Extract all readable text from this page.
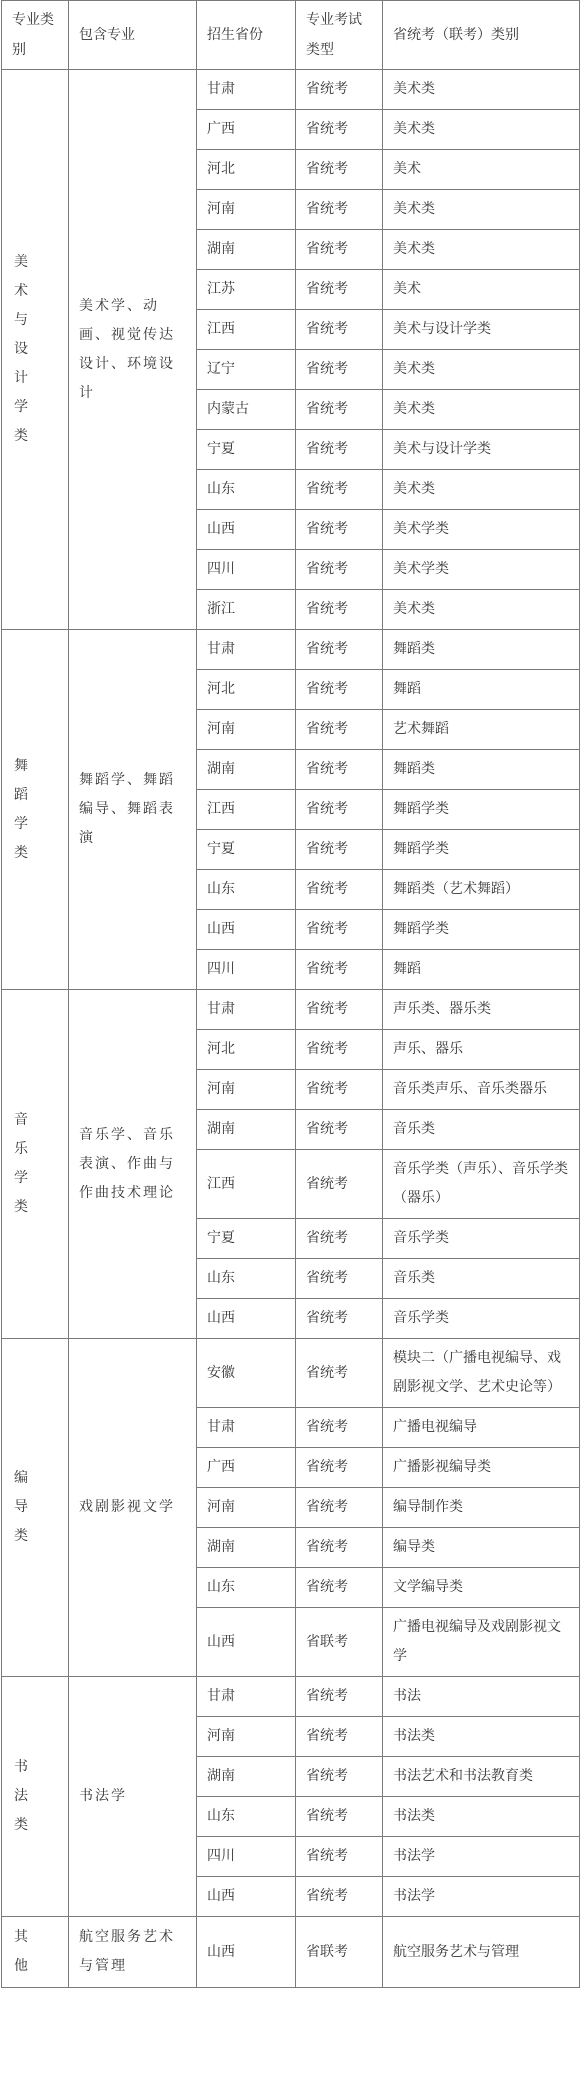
专业类别	包含专业	招生省份	专业考试类型	省统考（联考）类别
美术与设计学类	美术学、动画、视觉传达设计、环境设计	甘肃	省统考	美术类
		广西	省统考	美术类
		河北	省统考	美术
		河南	省统考	美术类
		湖南	省统考	美术类
		江苏	省统考	美术
		江西	省统考	美术与设计学类
		辽宁	省统考	美术类
		内蒙古	省统考	美术类
		宁夏	省统考	美术与设计学类
		山东	省统考	美术类
		山西	省统考	美术学类
		四川	省统考	美术学类
		浙江	省统考	美术类
舞蹈学类	舞蹈学、舞蹈编导、舞蹈表演	甘肃	省统考	舞蹈类
		河北	省统考	舞蹈
		河南	省统考	艺术舞蹈
		湖南	省统考	舞蹈类
		江西	省统考	舞蹈学类
		宁夏	省统考	舞蹈学类
		山东	省统考	舞蹈类（艺术舞蹈）
		山西	省统考	舞蹈学类
		四川	省统考	舞蹈
音乐学类	音乐学、音乐表演、作曲与作曲技术理论	甘肃	省统考	声乐类、器乐类
		河北	省统考	声乐、器乐
		河南	省统考	音乐类声乐、音乐类器乐
		湖南	省统考	音乐类
		江西	省统考	音乐学类（声乐）、音乐学类（器乐）
		宁夏	省统考	音乐学类
		山东	省统考	音乐类
		山西	省统考	音乐学类
编导类	戏剧影视文学	安徽	省统考	模块二（广播电视编导、戏剧影视文学、艺术史论等）
		甘肃	省统考	广播电视编导
		广西	省统考	广播影视编导类
		河南	省统考	编导制作类
		湖南	省统考	编导类
		山东	省统考	文学编导类
		山西	省联考	广播电视编导及戏剧影视文学
书法类	书法学	甘肃	省统考	书法
		河南	省统考	书法类
		湖南	省统考	书法艺术和书法教育类
		山东	省统考	书法类
		四川	省统考	书法学
		山西	省统考	书法学
其他	航空服务艺术与管理	山西	省联考	航空服务艺术与管理
